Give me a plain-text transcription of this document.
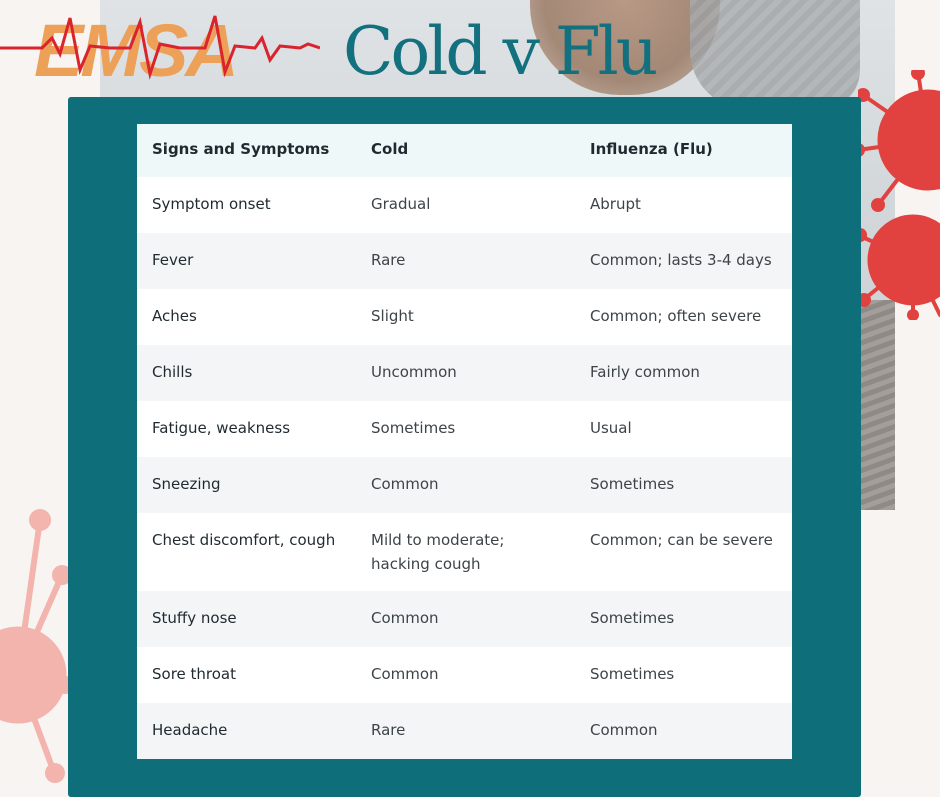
EMSA Cold v Flu
Signs and Symptoms	Cold	Influenza (Flu)
Symptom onset	Gradual	Abrupt
Fever	Rare	Common; lasts 3-4 days
Aches	Slight	Common; often severe
Chills	Uncommon	Fairly common
Fatigue, weakness	Sometimes	Usual
Sneezing	Common	Sometimes
Chest discomfort, cough	Mild to moderate; hacking cough	Common; can be severe
Stuffy nose	Common	Sometimes
Sore throat	Common	Sometimes
Headache	Rare	Common
